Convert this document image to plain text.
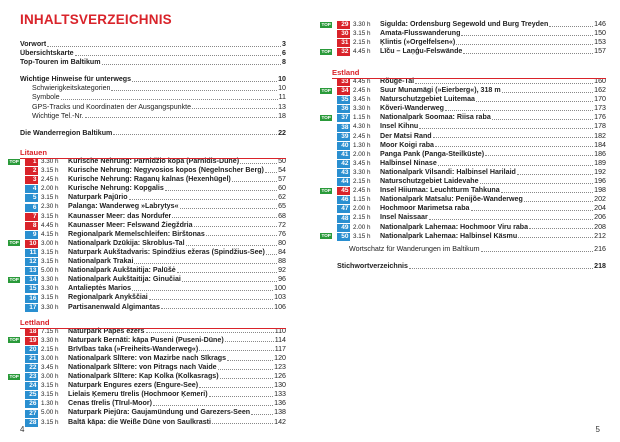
INHALTSVERZEICHNIS
Vorwort	3
Übersichtskarte	6
Top-Touren im Baltikum	8
Wichtige Hinweise für unterwegs	10
Schwierigkeitskategorien	10
Symbole	11
GPS-Tracks und Koordinaten der Ausgangspunkte	13
Wichtige Tel.-Nr.	18
Die Wanderregion Baltikum	22
Litauen
TOP	1 3.30 h	Kurische Nehrung: Parnidžio kopa (Parnidis-Düne)	50
2 3.15 h	Kurische Nehrung: Negyvosios kopos (Negelnscher Berg) 54
3 2.45 h	Kurische Nehrung: Raganų kalnas (Hexenhügel)	57
4 2.00 h	Kurische Nehrung: Kopgalis	60
5 3.15 h	Naturpark Pajūrio	62
6 2.30 h	Palanga: Wanderweg »Labrytys«	65
7 3.15 h	Kaunasser Meer: das Nordufer	68
8 4.45 h	Kaunasser Meer: Felswand Žiegždria	72
9 4.15 h	Regionalpark Memelschleifen: Birštonas	76
TOP	10 3.00 h	Nationalpark Dzūkija: Skroblus-Tal	80
11 3.15 h	Naturpark Aukštadvaris: Spindžius ežeras (Spindžius-See) 84
12 3.15 h	Nationalpark Trakai	88
13 5.00 h	Nationalpark Aukštaitija: Palūšė	92
TOP	14 3.30 h	Nationalpark Aukštaitija: Ginučiai	96
15 3.30 h	Antalieptės Marios	100
16 3.15 h	Regionalpark Anykščiai	103
17 3.30 h	Partisanenwald Algimantas	106
Lettland
18 7.15 h	Naturpark Papes ezers	110
TOP	19 3.30 h	Naturpark Bernāti: kāpa Puseni (Puseni-Düne)	114
20 2.15 h	Brīvības taka (»Freiheits-Wanderweg«)	117
21 3.00 h	Nationalpark Slītere: von Mazirbe nach Sīkrags	120
22 3.45 h	Nationalpark Slītere: von Pitrags nach Vaide	123
TOP	23 3.00 h	Nationalpark Slītere: Kap Kolka (Kolkasrags)	126
24 3.15 h	Naturpark Engures ezers (Engure-See)	130
25 3.15 h	Lielais Ķemeru tīrelis (Hochmoor Ķemeri)	133
26 1.30 h	Cenas tīrelis (Tīrul-Moor)	136
27 5.00 h	Naturpark Piejūra: Gaujamündung und Garezers-Seen	138
28 3.15 h	Baltā kāpa: die Weiße Düne von Saulkrasti	142
4
TOP	29 3.30 h	Sigulda: Ordensburg Segewold und Burg Treyden	146
30 3.15 h	Amata-Flusswanderung	150
31 2.15 h	Ķlintis (»Orgelfelsen«)	153
TOP	32 4.45 h	Līču – Laņģu-Felswände	157
Estland
33 4.45 h	Rõuge-Tal	160
TOP	34 2.45 h	Suur Munamägi (»Eierberg«), 318 m	162
35 3.45 h	Naturschutzgebiet Luitemaa	170
36 3.30 h	Kõveri-Wanderweg	173
TOP	37 1.15 h	Nationalpark Soomaa: Riisa raba	176
38 4.30 h	Insel Kihnu	178
39 2.45 h	Der Matsi Rand	182
40 1.30 h	Moor Koigi raba	184
41 2.00 h	Panga Pank (Panga-Steilküste)	186
42 3.45 h	Halbinsel Ninase	189
43 3.30 h	Nationalpark Vilsandi: Halbinsel Harilaid	192
44 2.15 h	Naturschutzgebiet Laidevahe	196
TOP	45 2.45 h	Insel Hiiumaa: Leuchtturm Tahkuna	198
46 1.15 h	Nationalpark Matsalu: Penijõe-Wanderweg	202
47 2.00 h	Hochmoor Marimetsa raba	204
48 2.15 h	Insel Naissaar	206
49 2.00 h	Nationalpark Lahemaa: Hochmoor Viru raba	208
TOP	50 3.15 h	Nationalpark Lahemaa: Halbinsel Käsmu	212
Wortschatz für Wanderungen im Baltikum	216
Stichwortverzeichnis	218
5
